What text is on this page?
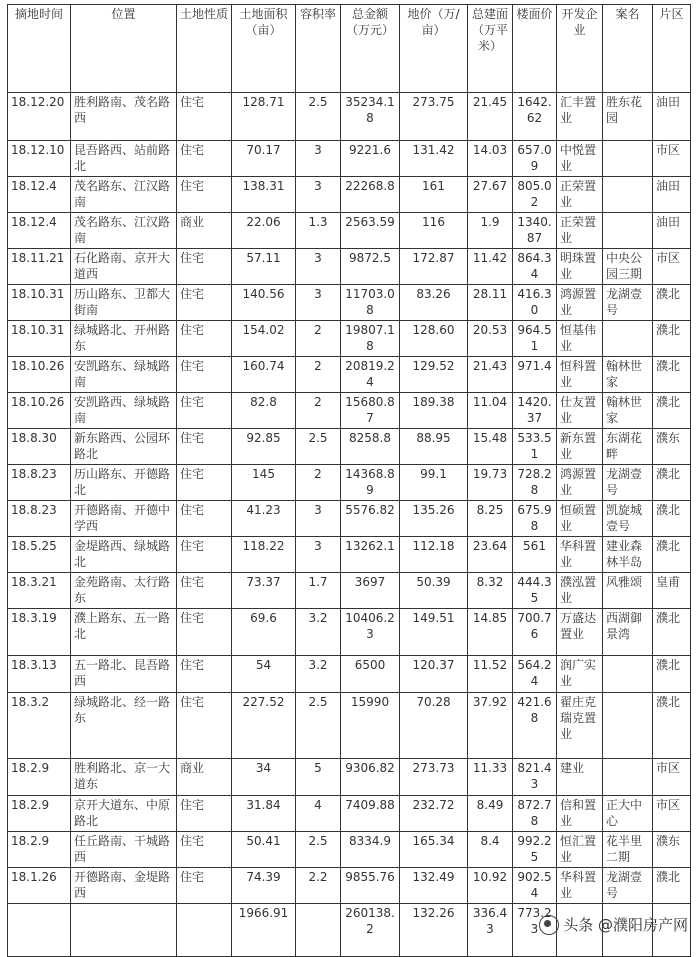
摘地时间	位置	土地性质	土地面积（亩）	容积率	总金额（万元）	地价（万/亩）	总建面（万平米）	楼面价	开发企业	案名	片区
18.12.20	胜利路南、茂名路西	住宅	128.71	2.5	35234.18	273.75	21.45	1642.62	汇丰置业	胜东花园	油田
18.12.10	昆吾路西、站前路北	住宅	70.17	3	9221.6	131.42	14.03	657.09	中悦置业		市区
18.12.4	茂名路东、江汉路南	住宅	138.31	3	22268.8	161	27.67	805.02	正荣置业		油田
18.12.4	茂名路东、江汉路南	商业	22.06	1.3	2563.59	116	1.9	1340.87	正荣置业		油田
18.11.21	石化路南、京开大道西	住宅	57.11	3	9872.5	172.87	11.42	864.34	明珠置业	中央公园三期	市区
18.10.31	历山路东、卫都大街南	住宅	140.56	3	11703.08	83.26	28.11	416.30	鸿源置业	龙湖壹号	濮北
18.10.31	绿城路北、开州路东	住宅	154.02	2	19807.18	128.60	20.53	964.51	恒基伟业		濮北
18.10.26	安凯路东、绿城路南	住宅	160.74	2	20819.24	129.52	21.43	971.4	恒科置业	翰林世家	濮北
18.10.26	安凯路西、绿城路南	住宅	82.8	2	15680.87	189.38	11.04	1420.37	仕友置业	翰林世家	濮北
18.8.30	新东路西、公园环路北	住宅	92.85	2.5	8258.8	88.95	15.48	533.51	新东置业	东湖花畔	濮东
18.8.23	历山路东、开德路北	住宅	145	2	14368.89	99.1	19.73	728.28	鸿源置业	龙湖壹号	濮北
18.8.23	开德路南、开德中学西	住宅	41.23	3	5576.82	135.26	8.25	675.98	恒硕置业	凯旋城壹号	濮北
18.5.25	金堤路西、绿城路北	住宅	118.22	3	13262.1	112.18	23.64	561	华科置业	建业森林半岛	濮北
18.3.21	金苑路南、太行路东	住宅	73.37	1.7	3697	50.39	8.32	444.35	濮泓置业	风雅颂	皇甫
18.3.19	濮上路东、五一路北	住宅	69.6	3.2	10406.23	149.51	14.85	700.76	万盛达置业	西湖御景湾	濮北
18.3.13	五一路北、昆吾路西	住宅	54	3.2	6500	120.37	11.52	564.24	润广实业		濮北
18.3.2	绿城路北、经一路东	住宅	227.52	2.5	15990	70.28	37.92	421.68	翟庄克瑞克置业		濮北
18.2.9	胜利路北、京一大道东	商业	34	5	9306.82	273.73	11.33	821.43	建业		市区
18.2.9	京开大道东、中原路北	住宅	31.84	4	7409.88	232.72	8.49	872.78	信和置业	正大中心	市区
18.2.9	任丘路南、干城路西	住宅	50.41	2.5	8334.9	165.34	8.4	992.25	恒汇置业	花半里二期	濮东
18.1.26	开德路南、金堤路西	住宅	74.39	2.2	9855.76	132.49	10.92	902.54	华科置业	龙湖壹号	濮北
			1966.91		260138.2	132.26	336.43	773.23			头条 @濮阳房产网
